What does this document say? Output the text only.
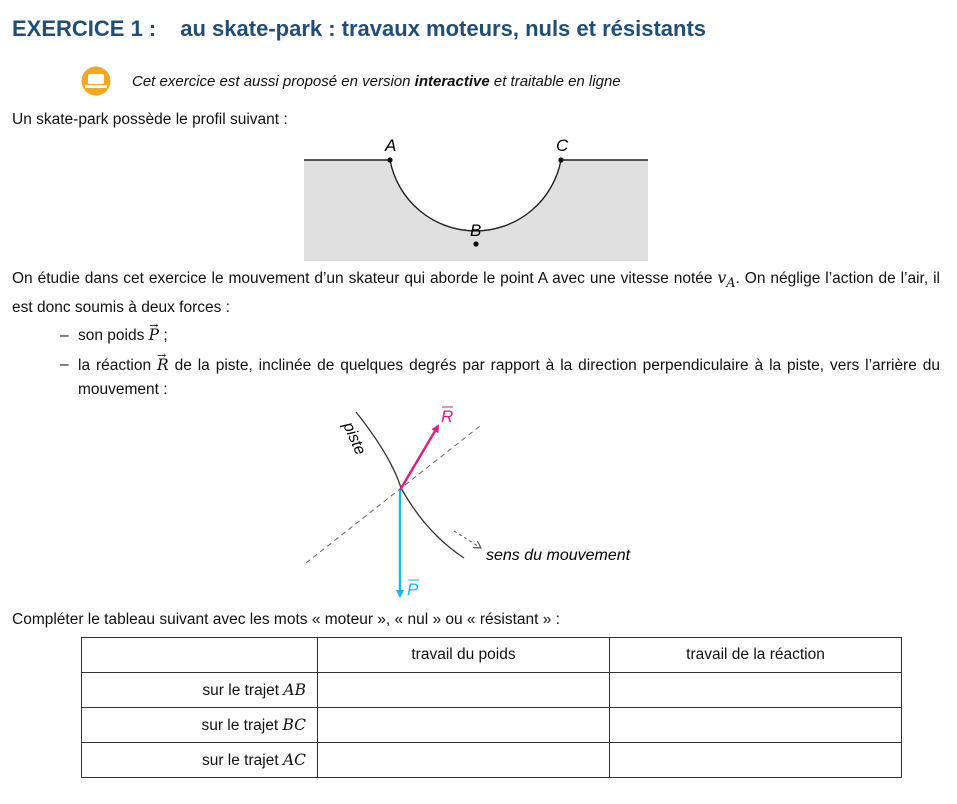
EXERCICE 1 : au skate-park : travaux moteurs, nuls et résistants
Cet exercice est aussi proposé en version interactive et traitable en ligne
Un skate-park possède le profil suivant :
A
B
C
On étudie dans cet exercice le mouvement d’un skateur qui aborde le point A avec une vitesse notée $v_A$. On néglige l’action de l’air, il est donc soumis à deux forces :
– son poids → P ;
– la réaction → R de la piste, inclinée de quelques degrés par rapport à la direction perpendiculaire à la piste, vers l’arrière du mouvement :
piste
R
P
sens du mouvement
Compléter le tableau suivant avec les mots « moteur », « nul » ou « résistant » :
	travail du poids	travail de la réaction
sur le trajet AB		
sur le trajet BC		
sur le trajet AC		
